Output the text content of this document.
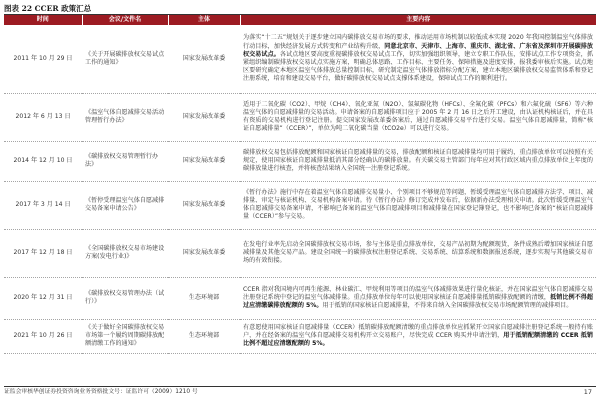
图表 22 CCER 政策汇总
时间	会议/文件名	主体	主要内容
2011 年 10 月 29 日	《关于开展碳排放权交易试点工作的通知》	国家发展改革委	为落实“十二五”规划关于逐步建立国内碳排放交易市场的要求，推动运用市场机制以较低成本实现 2020 年我国控制温室气体排放行动目标，加快经济发展方式转变和产业结构升级，同意北京市、天津市、上海市、重庆市、湖北省、广东省及深圳市开展碳排放权交易试点。各试点地区要高度重视碳排放权交易试点工作，切实加强组织领导，建立专职工作队伍，安排试点工作专项资金，抓紧组织编制碳排放权交易试点实施方案，明确总体思路、工作目标、主要任务、保障措施及进度安排，报我委审核后实施。试点地区要研究确定本地区温室气体排放总量控制目标，研究制定温室气体排放指标分配方案，建立本地区碳排放权交易监管体系和登记注册系统，培育和建设交易平台，做好碳排放权交易试点支撑体系建设，保障试点工作的顺利进行。
2012 年 6 月 13 日	《温室气体自愿减排交易活动管理暂行办法》	国家发展改革委	适用于二氧化碳（CO2）、甲烷（CH4）、氧化亚氮（N2O）、氢氟碳化物（HFCs）、全氟化碳（PFCs）和六氟化硫（SF6）等六种温室气体的自愿减排量的交易活动。申请备案的自愿减排项目应于 2005 年 2 月 16 日之后开工建设，由认证机构核证后，并在具有资质的交易机构进行登记注册。提交国家发展改革委备案后，通过自愿减排交易平台进行交易。温室气体自愿减排量，简称“核证自愿减排量”（CCER）”，单位为吨二氧化碳当量（tCO2e）可以进行交易。
2014 年 12 月 10 日	《碳排放权交易管理暂行办法》	国家发展改革委	碳排放权交易包括排放配额和国家核证自愿减排量的交易，排放配额和核证自愿减排量均可用于履约，重点排放单位可以按照有关规定，使用国家核证自愿减排量抵消其部分经确认的碳排放量。有关碳交易主管部门每年应对其行政区域内重点排放单位上年度的碳排放量进行核查，并将核查结果纳入全国统一注册登记系统。
2017 年 3 月 14 日	《暂停受理温室气体自愿减排交易备案申请公告》	国家发展改革委	《暂行办法》施行中存在着温室气体自愿减排交易量小、个别项目不够规范等问题，暂缓受理温室气体自愿减排方法学、项目、减排量、审定与核证机构、交易机构备案申请。待《暂行办法》修订完成并发布后，依据新办法受理相关申请。此次暂缓受理温室气体自愿减排交易备案申请，不影响已备案的温室气体自愿减排项目和减排量在国家登记簿登记，也不影响已备案的“核证自愿减排量（CCER）”参与交易。
2017 年 12 月 18 日	《全国碳排放权交易市场建设方案(发电行业)》	国家发展改革委	在发电行业率先启动全国碳排放权交易市场，参与主体是重点排放单位，交易产品初期为配额现货，条件成熟后增加国家核证自愿减排量及其他交易产品。建设全国统一的碳排放权注册登记系统、交易系统、结算系统和数据报送系统，逐步实现与其他碳交易市场的有效衔接。
2020 年 12 月 31 日	《碳排放权交易管理办法（试行）》	生态环境部	CCER 指对我国境内可再生能源、林业碳汇、甲烷利用等项目的温室气体减排效果进行量化核证，并在国家温室气体自愿减排交易注册登记系统中登记的温室气体减排量。重点排放单位每年可以使用国家核证自愿减排量抵销碳排放配额的清缴，抵销比例不得超过应清缴碳排放配额的 5%。用于抵销的国家核证自愿减排量，不得来自纳入全国碳排放权交易市场配额管理的减排项目。
2021 年 10 月 26 日	《关于做好全国碳排放权交易市场第一个履约周期碳排放配额清缴工作的通知》	生态环境部	有意愿使用国家核证自愿减排量（CCER）抵销碳排放配额清缴的重点排放单位应抓紧开立国家自愿减排注册登记系统一般持有账户，并在经备案的温室气体自愿减排交易机构开立交易账户，尽快完成 CCER 购买并申请注销，用于抵销配额清缴的 CCER 抵销比例不超过应清缴配额的 5%。
证监会审核华创证券投资咨询业务资格批文号：证监许可（2009）1210 号	17
